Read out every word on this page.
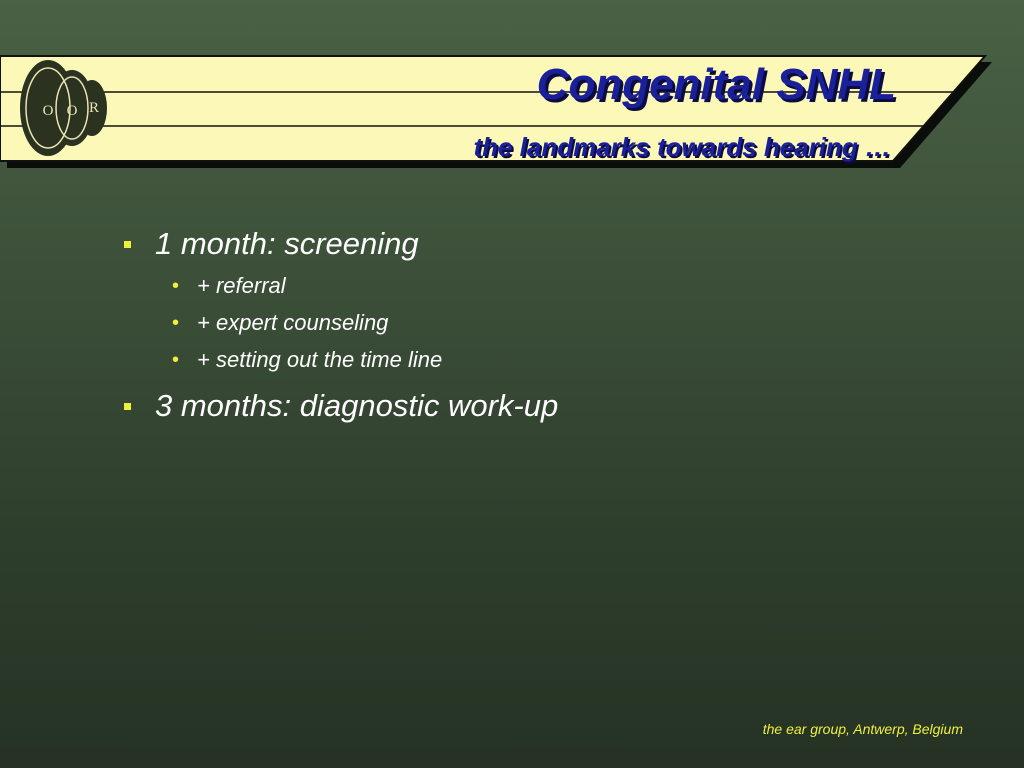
O O R	Congenital SNHL
the landmarks towards hearing …
1 month: screening
• + referral
• + expert counseling
• + setting out the time line
3 months: diagnostic work-up
the ear group, Antwerp, Belgium
